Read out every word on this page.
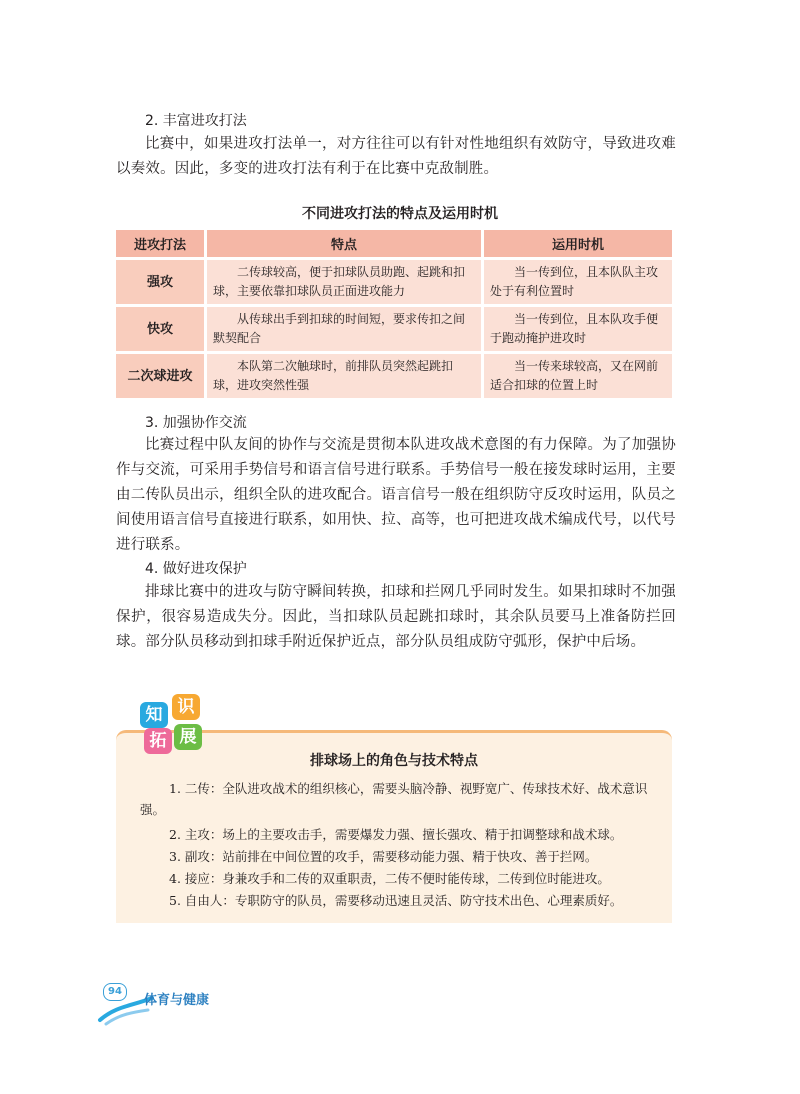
2. 丰富进攻打法
比赛中，如果进攻打法单一，对方往往可以有针对性地组织有效防守，导致进攻难以奏效。因此，多变的进攻打法有利于在比赛中克敌制胜。
不同进攻打法的特点及运用时机
进攻打法	特点	运用时机
强攻	二传球较高，便于扣球队员助跑、起跳和扣球，主要依靠扣球队员正面进攻能力	当一传到位，且本队队主攻处于有利位置时
快攻	从传球出手到扣球的时间短，要求传扣之间默契配合	当一传到位，且本队攻手便于跑动掩护进攻时
二次球进攻	本队第二次触球时，前排队员突然起跳扣球，进攻突然性强	当一传来球较高，又在网前适合扣球的位置上时
3. 加强协作交流
比赛过程中队友间的协作与交流是贯彻本队进攻战术意图的有力保障。为了加强协作与交流，可采用手势信号和语言信号进行联系。手势信号一般在接发球时运用，主要由二传队员出示，组织全队的进攻配合。语言信号一般在组织防守反攻时运用，队员之间使用语言信号直接进行联系，如用快、拉、高等，也可把进攻战术编成代号，以代号进行联系。
4. 做好进攻保护
排球比赛中的进攻与防守瞬间转换，扣球和拦网几乎同时发生。如果扣球时不加强保护，很容易造成失分。因此，当扣球队员起跳扣球时，其余队员要马上准备防拦回球。部分队员移动到扣球手附近保护近点，部分队员组成防守弧形，保护中后场。
知 识
拓 展
排球场上的角色与技术特点
1. 二传：全队进攻战术的组织核心，需要头脑冷静、视野宽广、传球技术好、战术意识强。
2. 主攻：场上的主要攻击手，需要爆发力强、擅长强攻、精于扣调整球和战术球。
3. 副攻：站前排在中间位置的攻手，需要移动能力强、精于快攻、善于拦网。
4. 接应：身兼攻手和二传的双重职责，二传不便时能传球，二传到位时能进攻。
5. 自由人：专职防守的队员，需要移动迅速且灵活、防守技术出色、心理素质好。
94
体育与健康
